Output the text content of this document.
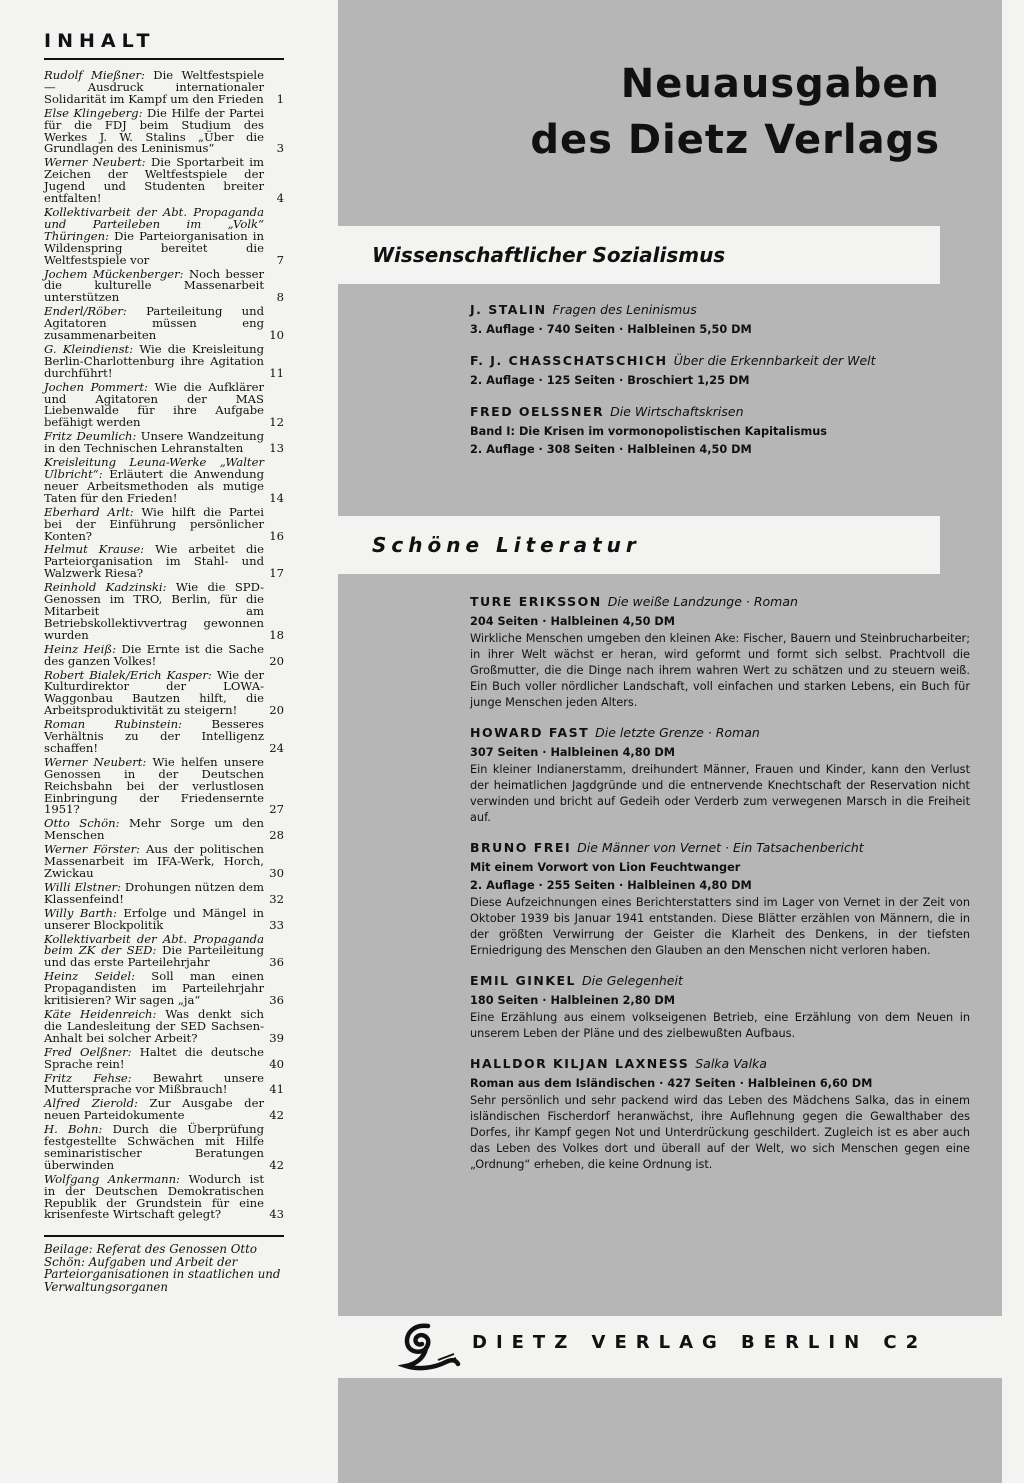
INHALT
Rudolf Mießner: Die Weltfestspiele — Ausdruck internationaler Solidarität im Kampf um den Frieden 1
Else Klingeberg: Die Hilfe der Partei für die FDJ beim Studium des Werkes J. W. Stalins „Über die Grundlagen des Leninismus“	3
Werner Neubert: Die Sportarbeit im Zeichen der Weltfestspiele der Jugend und Studenten breiter entfalten!	4
Kollektivarbeit der Abt. Propaganda und Parteileben im „Volk“ Thüringen: Die Parteiorganisation in Wildenspring bereitet die Weltfestspiele vor	7
Jochem Mückenberger: Noch besser die kulturelle Massenarbeit unterstützen	8
Enderl/Röber: Parteileitung und Agitatoren müssen eng zusammenarbeiten	10
G. Kleindienst: Wie die Kreisleitung Berlin-Charlottenburg ihre Agitation durchführt!	11
Jochen Pommert: Wie die Aufklärer und Agitatoren der MAS Liebenwalde für ihre Aufgabe befähigt werden	12
Fritz Deumlich: Unsere Wandzeitung in den Technischen Lehranstalten 13
Kreisleitung Leuna-Werke „Walter Ulbricht“: Erläutert die Anwendung neuer Arbeitsmethoden als mutige Taten für den Frieden!	14
Eberhard Arlt: Wie hilft die Partei bei der Einführung persönlicher Konten?	16
Helmut Krause: Wie arbeitet die Parteiorganisation im Stahl- und Walzwerk Riesa?	17
Reinhold Kadzinski: Wie die SPD-Genossen im TRO, Berlin, für die Mitarbeit am Betriebskollektivvertrag gewonnen wurden	18
Heinz Heiß: Die Ernte ist die Sache des ganzen Volkes!	20
Robert Bialek/Erich Kasper: Wie der Kulturdirektor der LOWA-Waggonbau Bautzen hilft, die Arbeitsproduktivität zu steigern!	20
Roman Rubinstein:	Besseres Verhältnis zu der Intelligenz schaffen!	24
Werner Neubert: Wie helfen unsere Genossen in der Deutschen Reichsbahn bei der verlustlosen Einbringung der Friedensernte 1951?	27
Otto Schön: Mehr Sorge um den Menschen	28
Werner Förster: Aus der politischen Massenarbeit im IFA-Werk, Horch, Zwickau	30
Willi Elstner: Drohungen nützen dem Klassenfeind!	32
Willy Barth: Erfolge und Mängel in unserer Blockpolitik	33
Kollektivarbeit der Abt. Propaganda beim ZK der SED: Die Parteileitung und das erste Parteilehrjahr	36
Heinz Seidel: Soll man einen Propagandisten im Parteilehrjahr kritisieren? Wir sagen „ja“	36
Käte Heidenreich: Was denkt sich die Landesleitung der SED Sachsen-Anhalt bei solcher Arbeit?	39
Fred Oelßner: Haltet die deutsche Sprache rein!	40
Fritz Fehse: Bewahrt unsere Muttersprache vor Mißbrauch!	41
Alfred Zierold: Zur Ausgabe der neuen Parteidokumente	42
H. Bohn: Durch die Überprüfung festgestellte Schwächen mit Hilfe seminaristischer Beratungen überwinden	42
Wolfgang Ankermann: Wodurch ist in der Deutschen Demokratischen Republik der Grundstein für eine krisenfeste Wirtschaft gelegt?	43
Beilage: Referat des Genossen Otto Schön: Aufgaben und Arbeit der Parteiorganisationen in staatlichen und Verwaltungsorganen
Neuausgaben
des Dietz Verlags
Wissenschaftlicher Sozialismus
J. STALIN Fragen des Leninismus
3. Auflage · 740 Seiten · Halbleinen 5,50 DM
F. J. CHASSCHATSCHICH Über die Erkennbarkeit der Welt
2. Auflage · 125 Seiten · Broschiert 1,25 DM
FRED OELSSNER Die Wirtschaftskrisen
Band I: Die Krisen im vormonopolistischen Kapitalismus
2. Auflage · 308 Seiten · Halbleinen 4,50 DM
Schöne Literatur
TURE ERIKSSON Die weiße Landzunge · Roman
204 Seiten · Halbleinen 4,50 DM
Wirkliche Menschen umgeben den kleinen Ake: Fischer, Bauern und Steinbrucharbeiter; in ihrer Welt wächst er heran, wird geformt und formt sich selbst. Prachtvoll die Großmutter, die die Dinge nach ihrem wahren Wert zu schätzen und zu steuern weiß. Ein Buch voller nördlicher Landschaft, voll einfachen und starken Lebens, ein Buch für junge Menschen jeden Alters.
HOWARD FAST Die letzte Grenze · Roman
307 Seiten · Halbleinen 4,80 DM
Ein kleiner Indianerstamm, dreihundert Männer, Frauen und Kinder, kann den Verlust der heimatlichen Jagdgründe und die entnervende Knechtschaft der Reservation nicht verwinden und bricht auf Gedeih oder Verderb zum verwegenen Marsch in die Freiheit auf.
BRUNO FREI Die Männer von Vernet · Ein Tatsachenbericht
Mit einem Vorwort von Lion Feuchtwanger
2. Auflage · 255 Seiten · Halbleinen 4,80 DM
Diese Aufzeichnungen eines Berichterstatters sind im Lager von Vernet in der Zeit von Oktober 1939 bis Januar 1941 entstanden. Diese Blätter erzählen von Männern, die in der größten Verwirrung der Geister die Klarheit des Denkens, in der tiefsten Erniedrigung des Menschen den Glauben an den Menschen nicht verloren haben.
EMIL GINKEL Die Gelegenheit
180 Seiten · Halbleinen 2,80 DM
Eine Erzählung aus einem volkseigenen Betrieb, eine Erzählung von dem Neuen in unserem Leben der Pläne und des zielbewußten Aufbaus.
HALLDOR KILJAN LAXNESS Salka Valka
Roman aus dem Isländischen · 427 Seiten · Halbleinen 6,60 DM
Sehr persönlich und sehr packend wird das Leben des Mädchens Salka, das in einem isländischen Fischerdorf heranwächst, ihre Auflehnung gegen die Gewalthaber des Dorfes, ihr Kampf gegen Not und Unterdrückung geschildert. Zugleich ist es aber auch das Leben des Volkes dort und überall auf der Welt, wo sich Menschen gegen eine „Ordnung“ erheben, die keine Ordnung ist.
DIETZ VERLAG BERLIN C2
